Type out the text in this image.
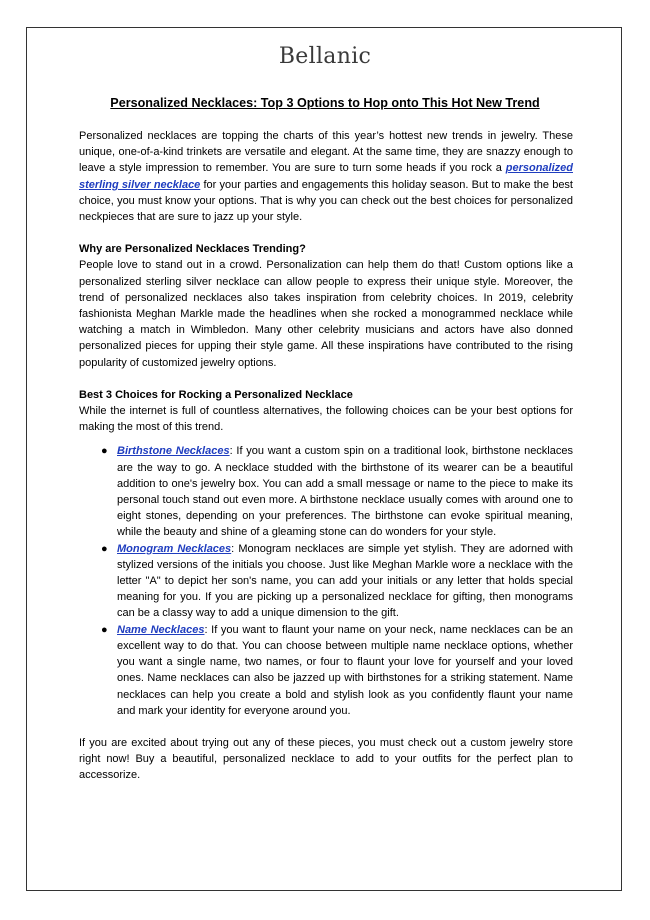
Bellanic
Personalized Necklaces: Top 3 Options to Hop onto This Hot New Trend

Personalized necklaces are topping the charts of this year’s hottest new trends in jewelry. These unique, one-of-a-kind trinkets are versatile and elegant. At the same time, they are snazzy enough to leave a style impression to remember. You are sure to turn some heads if you rock a personalized sterling silver necklace for your parties and engagements this holiday season. But to make the best choice, you must know your options. That is why you can check out the best choices for personalized neckpieces that are sure to jazz up your style.

Why are Personalized Necklaces Trending?

People love to stand out in a crowd. Personalization can help them do that! Custom options like a personalized sterling silver necklace can allow people to express their unique style. Moreover, the trend of personalized necklaces also takes inspiration from celebrity choices. In 2019, celebrity fashionista Meghan Markle made the headlines when she rocked a monogrammed necklace while watching a match in Wimbledon. Many other celebrity musicians and actors have also donned personalized pieces for upping their style game. All these inspirations have contributed to the rising popularity of customized jewelry options.

Best 3 Choices for Rocking a Personalized Necklace

While the internet is full of countless alternatives, the following choices can be your best options for making the most of this trend.

● Birthstone Necklaces: If you want a custom spin on a traditional look, birthstone necklaces are the way to go. A necklace studded with the birthstone of its wearer can be a beautiful addition to one's jewelry box. You can add a small message or name to the piece to make its personal touch stand out even more. A birthstone necklace usually comes with around one to eight stones, depending on your preferences. The birthstone can evoke spiritual meaning, while the beauty and shine of a gleaming stone can do wonders for your style.
● Monogram Necklaces: Monogram necklaces are simple yet stylish. They are adorned with stylized versions of the initials you choose. Just like Meghan Markle wore a necklace with the letter "A" to depict her son's name, you can add your initials or any letter that holds special meaning for you. If you are picking up a personalized necklace for gifting, then monograms can be a classy way to add a unique dimension to the gift.
● Name Necklaces: If you want to flaunt your name on your neck, name necklaces can be an excellent way to do that. You can choose between multiple name necklace options, whether you want a single name, two names, or four to flaunt your love for yourself and your loved ones. Name necklaces can also be jazzed up with birthstones for a striking statement. Name necklaces can help you create a bold and stylish look as you confidently flaunt your name and mark your identity for everyone around you.

If you are excited about trying out any of these pieces, you must check out a custom jewelry store right now! Buy a beautiful, personalized necklace to add to your outfits for the perfect plan to accessorize.
